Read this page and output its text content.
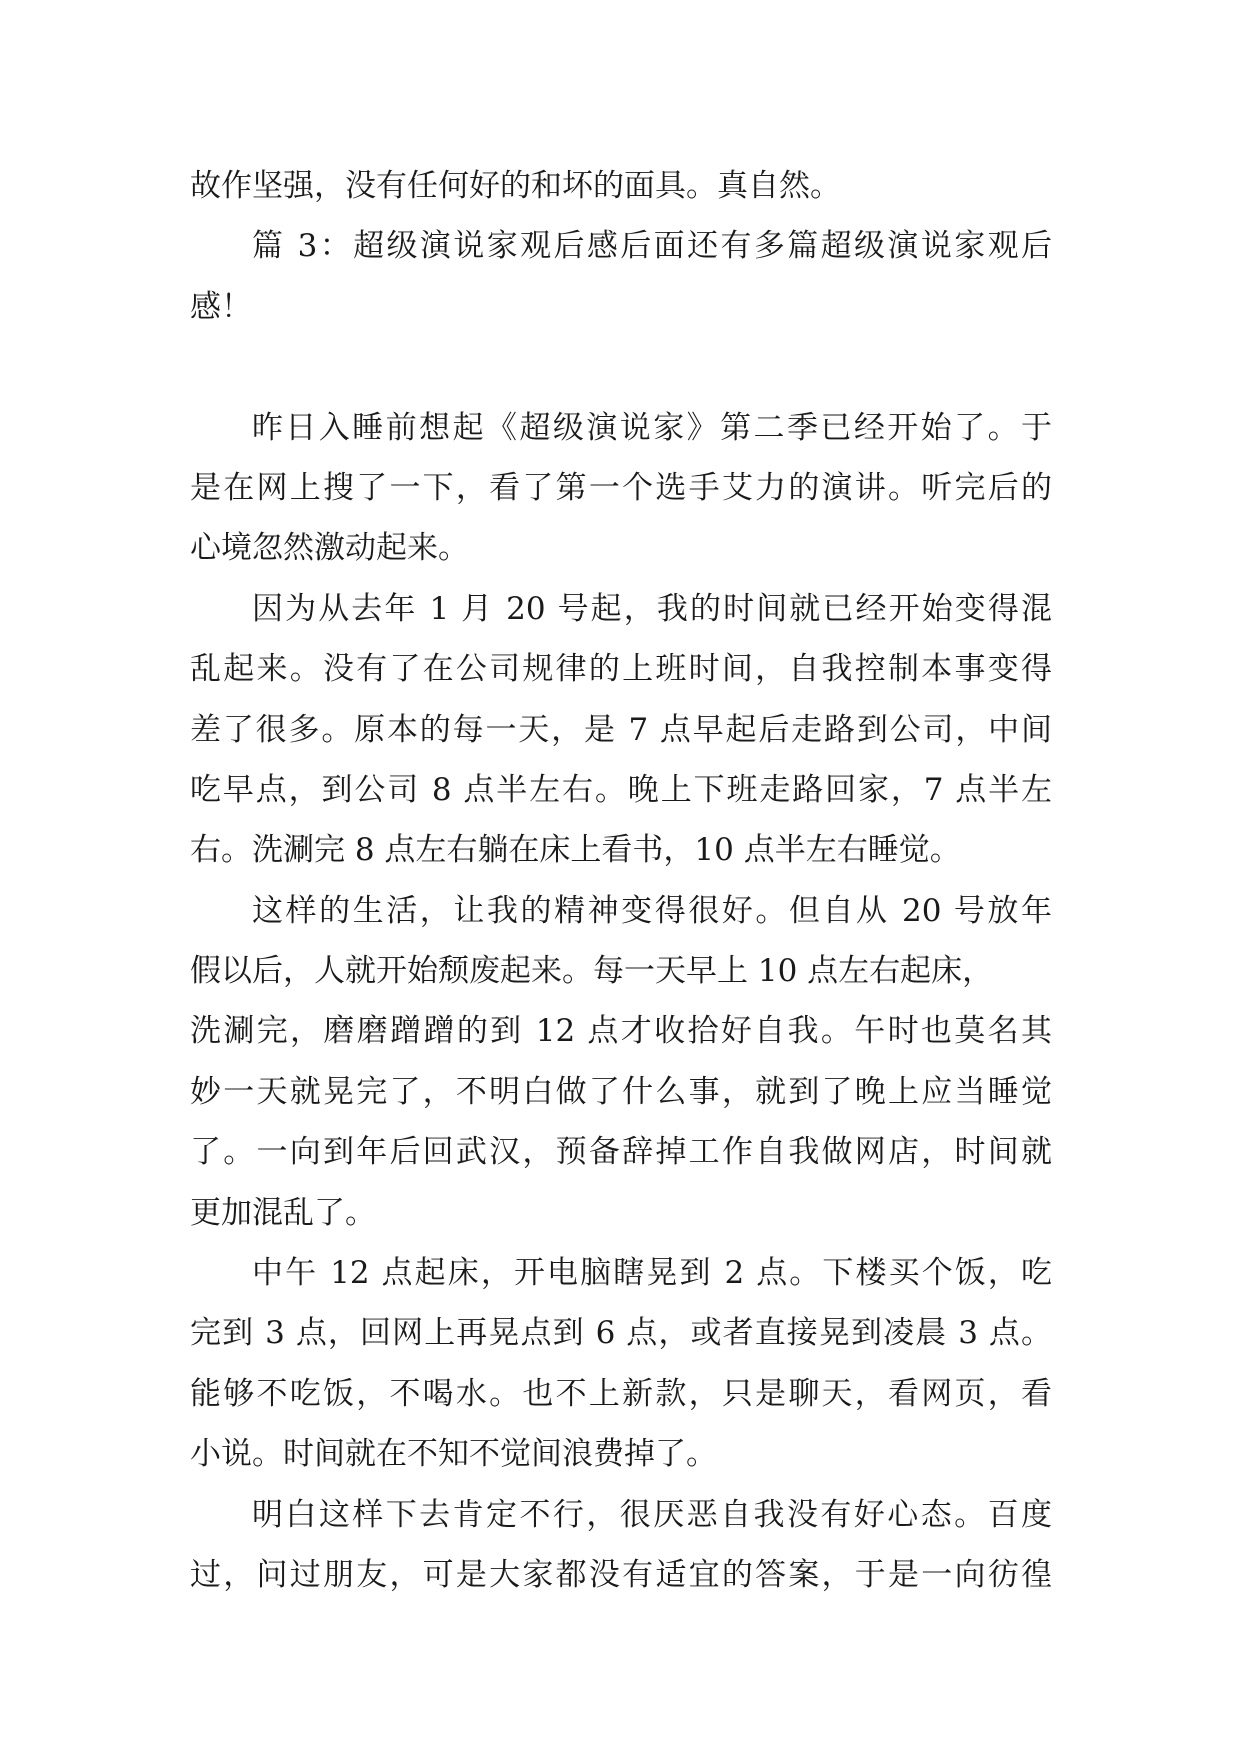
故作坚强，没有任何好的和坏的面具。真自然。
篇 3：超级演说家观后感后面还有多篇超级演说家观后
感！
昨日入睡前想起《超级演说家》第二季已经开始了。于
是在网上搜了一下，看了第一个选手艾力的演讲。听完后的
心境忽然激动起来。
因为从去年 1 月 20 号起，我的时间就已经开始变得混
乱起来。没有了在公司规律的上班时间，自我控制本事变得
差了很多。原本的每一天，是 7 点早起后走路到公司，中间
吃早点，到公司 8 点半左右。晚上下班走路回家，7 点半左
右。洗涮完 8 点左右躺在床上看书，10 点半左右睡觉。
这样的生活，让我的精神变得很好。但自从 20 号放年
假以后，人就开始颓废起来。每一天早上 10 点左右起床，
洗涮完，磨磨蹭蹭的到 12 点才收拾好自我。午时也莫名其
妙一天就晃完了，不明白做了什么事，就到了晚上应当睡觉
了。一向到年后回武汉，预备辞掉工作自我做网店，时间就
更加混乱了。
中午 12 点起床，开电脑瞎晃到 2 点。下楼买个饭，吃
完到 3 点，回网上再晃点到 6 点，或者直接晃到凌晨 3 点。
能够不吃饭，不喝水。也不上新款，只是聊天，看网页，看
小说。时间就在不知不觉间浪费掉了。
明白这样下去肯定不行，很厌恶自我没有好心态。百度
过，问过朋友，可是大家都没有适宜的答案，于是一向彷徨
